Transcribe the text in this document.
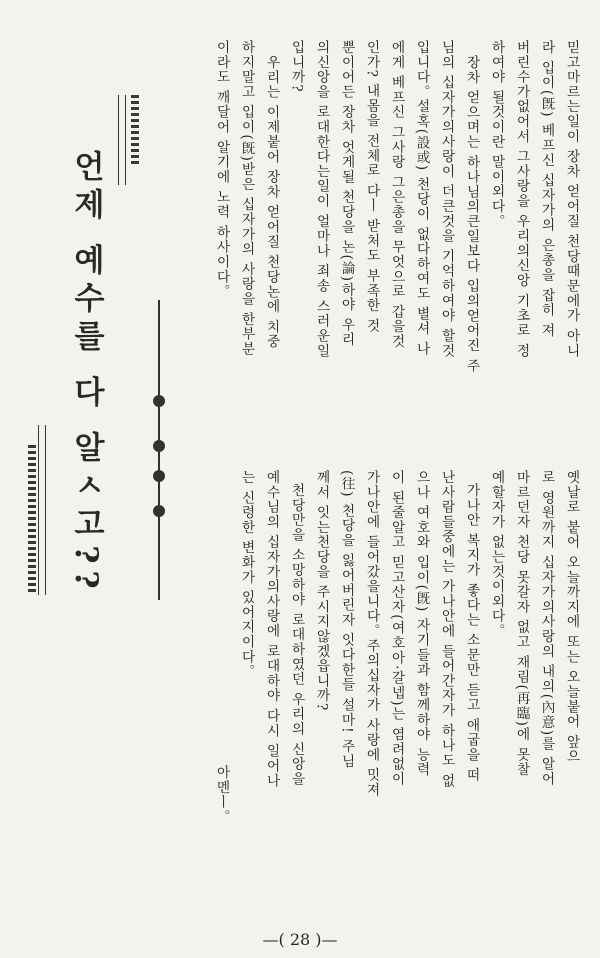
믿고마르는일이 장차 얻어질 천당때문에가 아니
라 입이(旣) 베프신 십자가의 은총을 잡히 져
버린수가없어서 그사랑을 우리의신앙 기초로 정
하여야 될것이란 말이외다。
장차 얻으며는 하나님의큰일보다 입의얻어진 주
님의 십자가의사랑이 더큰것을 기억하여야 할것
입니다。설혹(設或) 천당이 없다하여도 별셔 나
에게 베프신 그사랑 그은총을 무엇으로 갑을것
인가? 내몸을 전체로 다ㅣ 받처도 부족한 것
뿐이어든 장차 엇게될 천당을 논(論)하야 우리
의신앙을 로대한다는일이 얼마나 죄송 스러운일
입니까?
우리는 이제붙어 장차 얻어질 천당논에 치중
하지말고 입이(旣)받은 십자가의 사랑을 한부분
이라도 깨달어 알기에 노력 하사이다。
옛날로 붙어 오늘까지에 또는 오늘붙어 앞으
로 영원까지 십자가의사랑의 내의(內意)를 알어
마르던자 천당 못갈자 없고 재림(再臨)에 못찰
예할자가 없는것이외다。
가나안 복지가 좋다는 소문만 듣고 애굽을 떠
난사람들중에는 가나안에 들어간자가 하나도 없
으나 여호와 입이(旣) 자기들과 함께하야 능력
이 된줄알고 믿고산자(여호아·갈넵)는 염려없이
가나안에 들어갔을니다。주의십자가 사랑에 밋져
(往) 천당을 잃어버린자 잇다한들 설마! 주님
께서 잇는천당을 주시지않겠읍니까?
천당만을 소망하야 로대하였던 우리의 신앙을
예수님의 십자가의사랑에 로대하야 다시 일어나
는 신령한 변화가 있어지이다。
아멘ㅣ。
언제 예수를 다 알ㅅ고??
—( 28 )—
